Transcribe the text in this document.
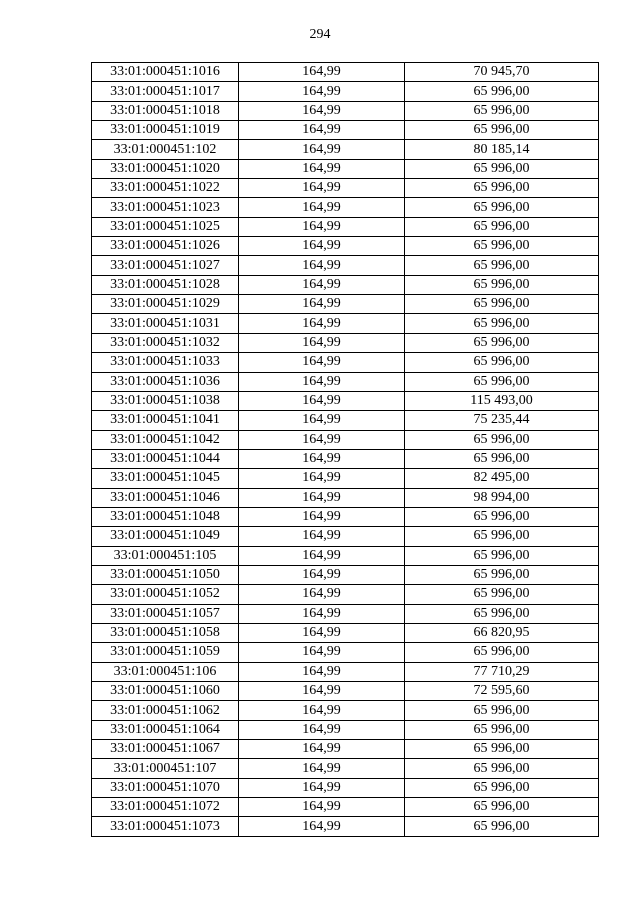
294
33:01:000451:1016	164,99	70 945,70
33:01:000451:1017	164,99	65 996,00
33:01:000451:1018	164,99	65 996,00
33:01:000451:1019	164,99	65 996,00
33:01:000451:102	164,99	80 185,14
33:01:000451:1020	164,99	65 996,00
33:01:000451:1022	164,99	65 996,00
33:01:000451:1023	164,99	65 996,00
33:01:000451:1025	164,99	65 996,00
33:01:000451:1026	164,99	65 996,00
33:01:000451:1027	164,99	65 996,00
33:01:000451:1028	164,99	65 996,00
33:01:000451:1029	164,99	65 996,00
33:01:000451:1031	164,99	65 996,00
33:01:000451:1032	164,99	65 996,00
33:01:000451:1033	164,99	65 996,00
33:01:000451:1036	164,99	65 996,00
33:01:000451:1038	164,99	115 493,00
33:01:000451:1041	164,99	75 235,44
33:01:000451:1042	164,99	65 996,00
33:01:000451:1044	164,99	65 996,00
33:01:000451:1045	164,99	82 495,00
33:01:000451:1046	164,99	98 994,00
33:01:000451:1048	164,99	65 996,00
33:01:000451:1049	164,99	65 996,00
33:01:000451:105	164,99	65 996,00
33:01:000451:1050	164,99	65 996,00
33:01:000451:1052	164,99	65 996,00
33:01:000451:1057	164,99	65 996,00
33:01:000451:1058	164,99	66 820,95
33:01:000451:1059	164,99	65 996,00
33:01:000451:106	164,99	77 710,29
33:01:000451:1060	164,99	72 595,60
33:01:000451:1062	164,99	65 996,00
33:01:000451:1064	164,99	65 996,00
33:01:000451:1067	164,99	65 996,00
33:01:000451:107	164,99	65 996,00
33:01:000451:1070	164,99	65 996,00
33:01:000451:1072	164,99	65 996,00
33:01:000451:1073	164,99	65 996,00
